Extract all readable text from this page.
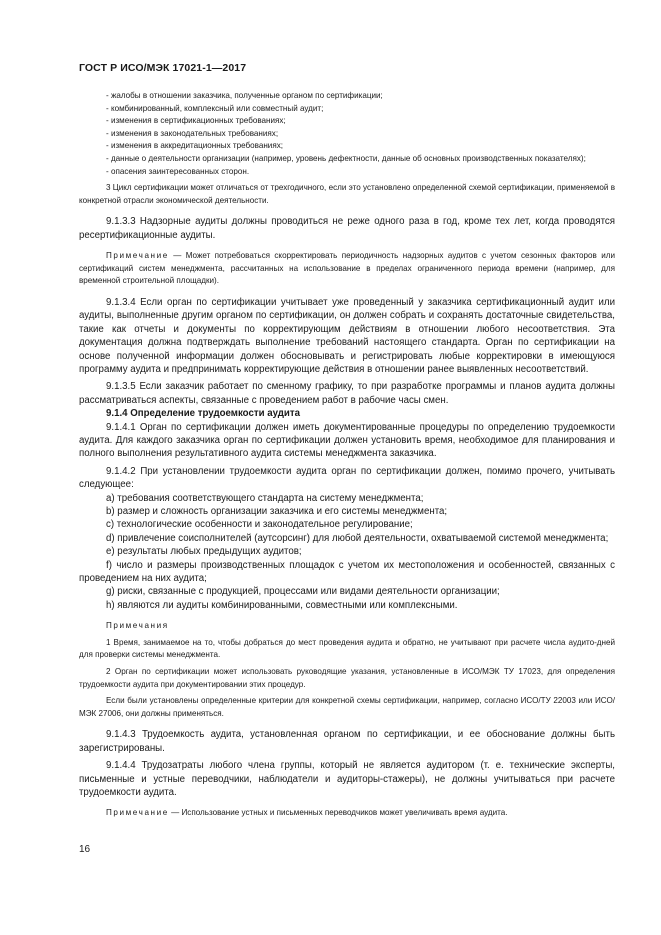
ГОСТ Р ИСО/МЭК 17021-1—2017

- жалобы в отношении заказчика, полученные органом по сертификации;

- комбинированный, комплексный или совместный аудит;

- изменения в сертификационных требованиях;

- изменения в законодательных требованиях;

- изменения в аккредитационных требованиях;

- данные о деятельности организации (например, уровень дефектности, данные об основных производственных показателях);

- опасения заинтересованных сторон.

3 Цикл сертификации может отличаться от трехгодичного, если это установлено определенной схемой сертификации, применяемой в конкретной отрасли экономической деятельности.

9.1.3.3 Надзорные аудиты должны проводиться не реже одного раза в год, кроме тех лет, когда проводятся ресертификационные аудиты.

Примечание — Может потребоваться скорректировать периодичность надзорных аудитов с учетом сезонных факторов или сертификаций систем менеджмента, рассчитанных на использование в пределах ограниченного периода времени (например, для временной строительной площадки).

9.1.3.4 Если орган по сертификации учитывает уже проведенный у заказчика сертификационный аудит или аудиты, выполненные другим органом по сертификации, он должен собрать и сохранять достаточные свидетельства, такие как отчеты и документы по корректирующим действиям в отношении любого несоответствия. Эта документация должна подтверждать выполнение требований настоящего стандарта. Орган по сертификации на основе полученной информации должен обосновывать и регистрировать любые корректировки в имеющуюся программу аудита и предпринимать корректирующие действия в отношении ранее выявленных несоответствий.

9.1.3.5 Если заказчик работает по сменному графику, то при разработке программы и планов аудита должны рассматриваться аспекты, связанные с проведением работ в рабочие часы смен.

9.1.4 Определение трудоемкости аудита

9.1.4.1 Орган по сертификации должен иметь документированные процедуры по определению трудоемкости аудита. Для каждого заказчика орган по сертификации должен установить время, необходимое для планирования и полного выполнения результативного аудита системы менеджмента заказчика.

9.1.4.2 При установлении трудоемкости аудита орган по сертификации должен, помимо прочего, учитывать следующее:

a) требования соответствующего стандарта на систему менеджмента;

b) размер и сложность организации заказчика и его системы менеджмента;

c) технологические особенности и законодательное регулирование;

d) привлечение соисполнителей (аутсорсинг) для любой деятельности, охватываемой системой менеджмента;

e) результаты любых предыдущих аудитов;

f) число и размеры производственных площадок с учетом их местоположения и особенностей, связанных с проведением на них аудита;

g) риски, связанные с продукцией, процессами или видами деятельности организации;

h) являются ли аудиты комбинированными, совместными или комплексными.

Примечания

1 Время, занимаемое на то, чтобы добраться до мест проведения аудита и обратно, не учитывают при расчете числа аудито-дней для проверки системы менеджмента.

2 Орган по сертификации может использовать руководящие указания, установленные в ИСО/МЭК ТУ 17023, для определения трудоемкости аудита при документировании этих процедур.

Если были установлены определенные критерии для конкретной схемы сертификации, например, согласно ИСО/ТУ 22003 или ИСО/МЭК 27006, они должны применяться.

9.1.4.3 Трудоемкость аудита, установленная органом по сертификации, и ее обоснование должны быть зарегистрированы.

9.1.4.4 Трудозатраты любого члена группы, который не является аудитором (т. е. технические эксперты, письменные и устные переводчики, наблюдатели и аудиторы-стажеры), не должны учитываться при расчете трудоемкости аудита.

Примечание — Использование устных и письменных переводчиков может увеличивать время аудита.

16
